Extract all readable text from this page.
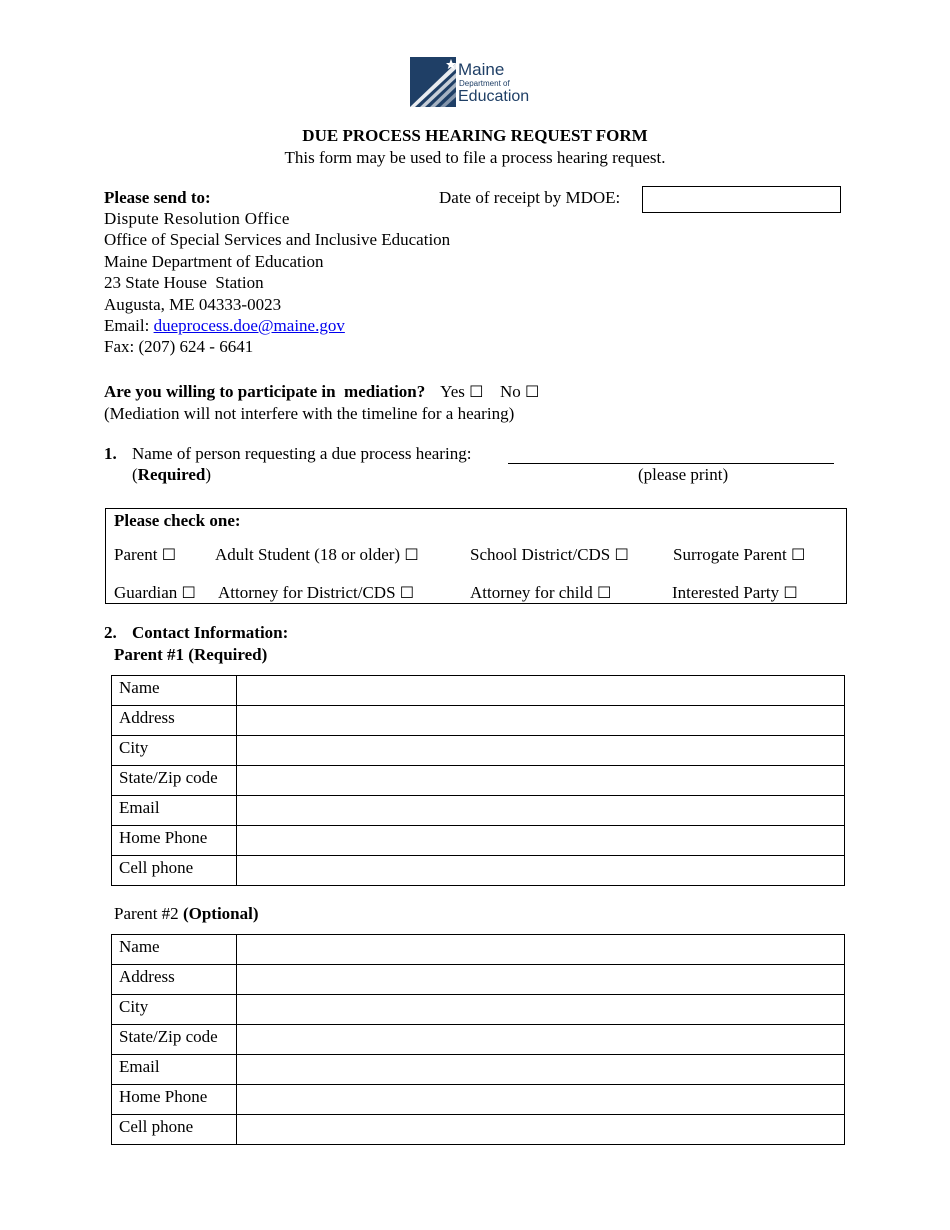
Maine
Department of
Education
DUE PROCESS HEARING REQUEST FORM
This form may be used to file a process hearing request.
Please send to:
Dispute Resolution Office
Office of Special Services and Inclusive Education
Maine Department of Education
23 State House  Station
Augusta, ME 04333-0023
Email: dueprocess.doe@maine.gov
Fax: (207) 624 - 6641
Date of receipt by MDOE:
Are you willing to participate in  mediation? Yes ☐ No ☐
(Mediation will not interfere with the timeline for a hearing)
1. Name of person requesting a due process hearing:
(Required)	(please print)
Please check one:
Parent ☐ Adult Student (18 or older) ☐	School District/CDS ☐	Surrogate Parent ☐
Guardian ☐ Attorney for District/CDS ☐	Attorney for child ☐	Interested Party ☐
2. Contact Information:
Parent #1 (Required)
Name	
Address	
City	
State/Zip code	
Email	
Home Phone	
Cell phone	
Parent #2 (Optional)
Name	
Address	
City	
State/Zip code	
Email	
Home Phone	
Cell phone	
